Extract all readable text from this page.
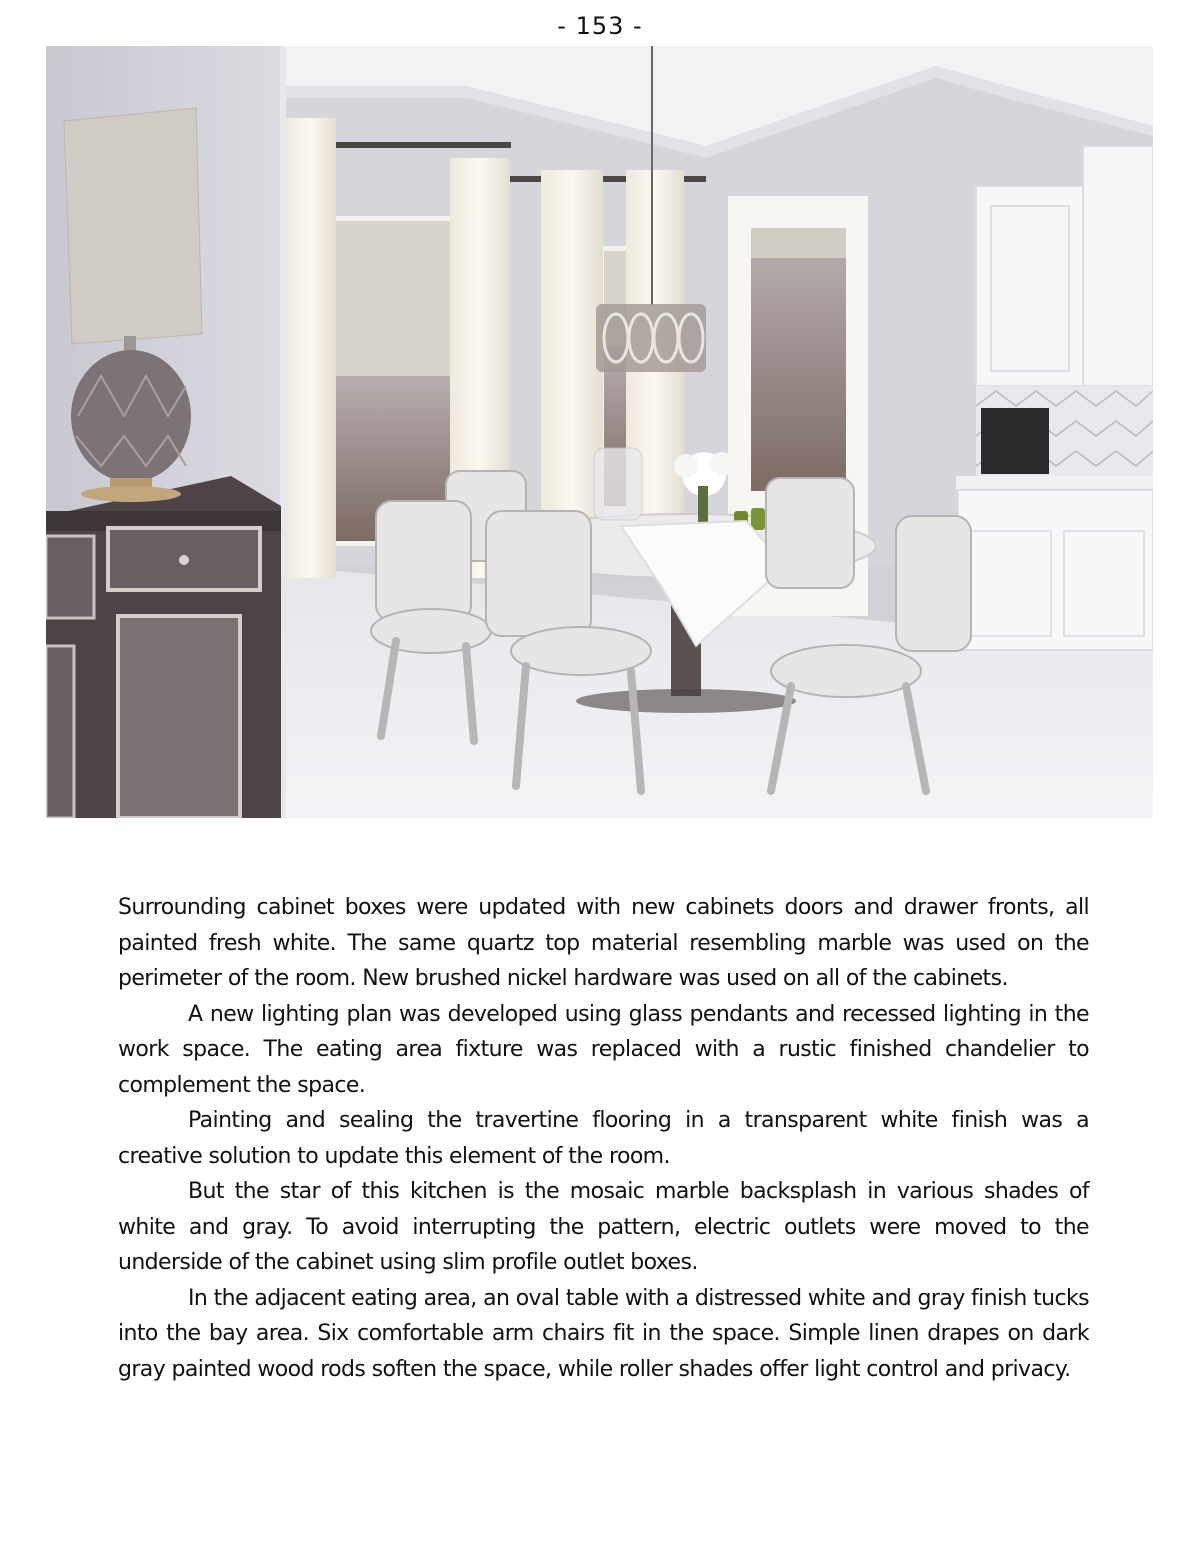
- 153 -

Surrounding cabinet boxes were updated with new cabinets doors and drawer fronts, all painted fresh white. The same quartz top material resembling marble was used on the perimeter of the room. New brushed nickel hardware was used on all of the cabinets.

A new lighting plan was developed using glass pendants and recessed lighting in the work space. The eating area fixture was replaced with a rustic finished chandelier to complement the space.

Painting and sealing the travertine flooring in a transparent white finish was a creative solution to update this element of the room.

But the star of this kitchen is the mosaic marble backsplash in various shades of white and gray. To avoid interrupting the pattern, electric outlets were moved to the underside of the cabinet using slim profile outlet boxes.

In the adjacent eating area, an oval table with a distressed white and gray finish tucks into the bay area. Six comfortable arm chairs fit in the space. Simple linen drapes on dark gray painted wood rods soften the space, while roller shades offer light control and privacy.
